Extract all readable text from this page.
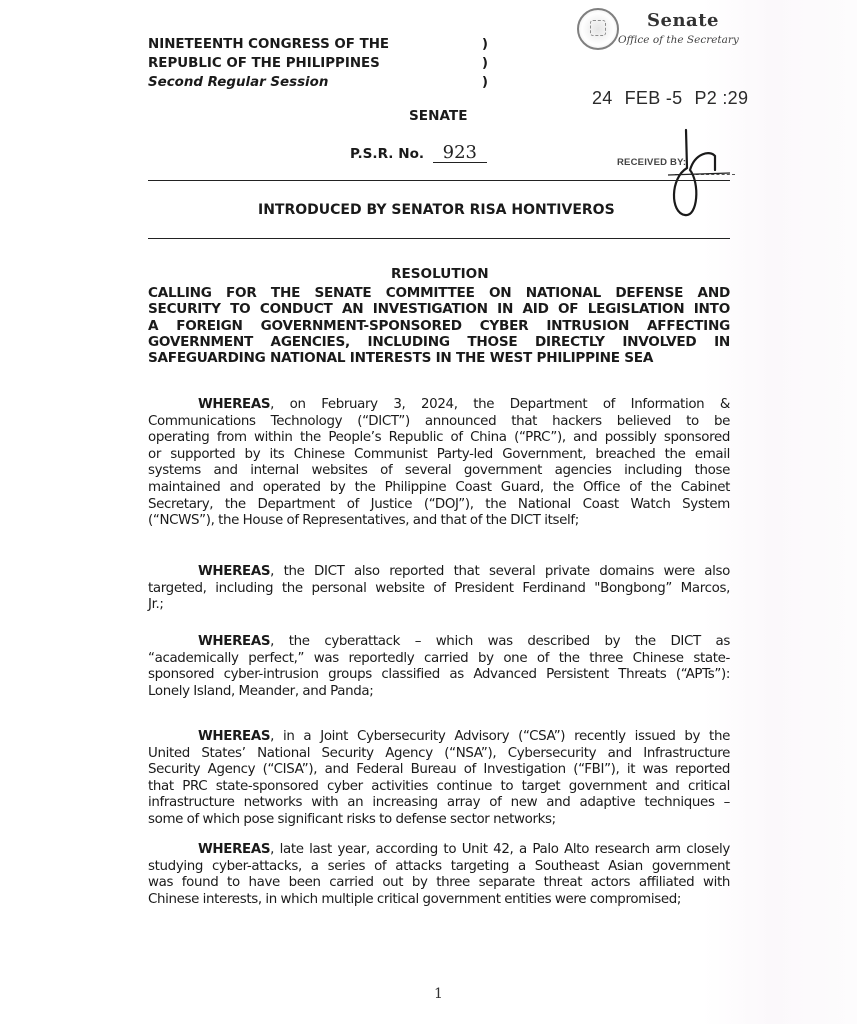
NINETEENTH CONGRESS OF THE	)
REPUBLIC OF THE PHILIPPINES	)
Second Regular Session	)
Senate
Office of the Secretary
24 FEB -5 P2 :29
SENATE
P.S.R. No. 923	RECEIVED BY:
INTRODUCED BY SENATOR RISA HONTIVEROS
RESOLUTION
CALLING FOR THE SENATE COMMITTEE ON NATIONAL DEFENSE AND
SECURITY TO CONDUCT AN INVESTIGATION IN AID OF LEGISLATION INTO
A FOREIGN GOVERNMENT-SPONSORED CYBER INTRUSION AFFECTING
GOVERNMENT AGENCIES, INCLUDING THOSE DIRECTLY INVOLVED IN
SAFEGUARDING NATIONAL INTERESTS IN THE WEST PHILIPPINE SEA
WHEREAS, on February 3, 2024, the Department of Information &
Communications Technology (“DICT”) announced that hackers believed to be
operating from within the People’s Republic of China (“PRC”), and possibly sponsored
or supported by its Chinese Communist Party-led Government, breached the email
systems and internal websites of several government agencies including those
maintained and operated by the Philippine Coast Guard, the Office of the Cabinet
Secretary, the Department of Justice (“DOJ”), the National Coast Watch System
(“NCWS”), the House of Representatives, and that of the DICT itself;
WHEREAS, the DICT also reported that several private domains were also
targeted, including the personal website of President Ferdinand "Bongbong” Marcos,
Jr.;
WHEREAS, the cyberattack – which was described by the DICT as
“academically perfect,” was reportedly carried by one of the three Chinese state-
sponsored cyber-intrusion groups classified as Advanced Persistent Threats (“APTs”):
Lonely Island, Meander, and Panda;
WHEREAS, in a Joint Cybersecurity Advisory (“CSA”) recently issued by the
United States’ National Security Agency (“NSA”), Cybersecurity and Infrastructure
Security Agency (“CISA”), and Federal Bureau of Investigation (“FBI”), it was reported
that PRC state-sponsored cyber activities continue to target government and critical
infrastructure networks with an increasing array of new and adaptive techniques –
some of which pose significant risks to defense sector networks;
WHEREAS, late last year, according to Unit 42, a Palo Alto research arm closely
studying cyber-attacks, a series of attacks targeting a Southeast Asian government
was found to have been carried out by three separate threat actors affiliated with
Chinese interests, in which multiple critical government entities were compromised;
1
